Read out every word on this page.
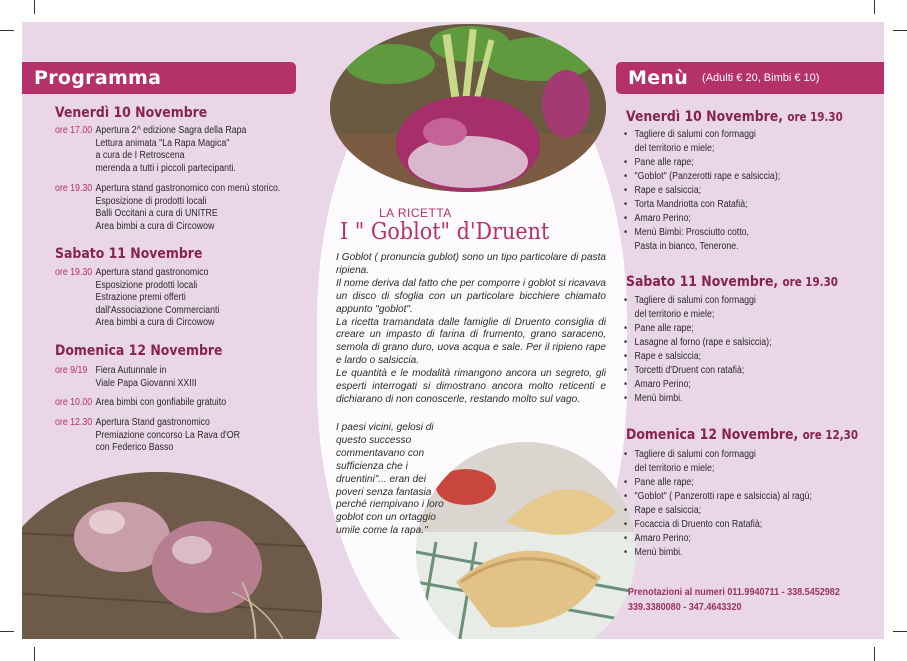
Programma
Venerdì 10 Novembre
ore 17.00 Apertura 2^ edizione Sagra della Rapa
Lettura animata "La Rapa Magica"
a cura de I Retroscena
merenda a tutti i piccoli partecipanti.
ore 19.30 Apertura stand gastronomico con menù storico.
Esposizione di prodotti locali
Balli Occitani a cura di UNITRE
Area bimbi a cura di Circowow
Sabato 11 Novembre
ore 19.30 Apertura stand gastronomico
Esposizione prodotti locali
Estrazione premi offerti
dall'Associazione Commercianti
Area bimbi a cura di Circowow
Domenica 12 Novembre
ore 9/19 Fiera Autunnale in
Viale Papa Giovanni XXIII
ore 10.00 Area bimbi con gonfiabile gratuito
ore 12.30 Apertura Stand gastronomico
Premiazione concorso La Rava d'OR
con Federico Basso
LA RICETTA
I " Goblot" d'Druent

I Goblot ( pronuncia gublot) sono un tipo particolare di pasta ripiena.

Il nome deriva dal fatto che per comporre i goblot si ricavava un disco di sfoglia con un particolare bicchiere chiamato appunto "goblot".

La ricetta tramandata dalle famiglie di Druento consiglia di creare un impasto di farina di frumento, grano saraceno, semola di grano duro, uova acqua e sale. Per il ripieno rape e lardo o salsiccia.

Le quantità e le modalità rimangono ancora un segreto, gli esperti interrogati si dimostrano ancora molto reticenti e dichiarano di non conoscerle, restando molto sul vago.

I paesi vicini, gelosi di questo successo commentavano con sufficienza che i druentini"... eran dei poveri senza fantasia perché riempivano i loro goblot con un ortaggio umile come la rapa."
Menù (Adulti € 20, Bimbi € 10)
Venerdì 10 Novembre, ore 19.30
• Tagliere di salumi con formaggi
del territorio e miele;
• Pane alle rape;
• "Goblot" (Panzerotti rape e salsiccia);
• Rape e salsiccia;
• Torta Mandriotta con Ratafià;
• Amaro Perino;
• Menù Bimbi: Prosciutto cotto,
Pasta in bianco, Tenerone.
Sabato 11 Novembre, ore 19.30
• Tagliere di salumi con formaggi
del territorio e miele;
• Pane alle rape;
• Lasagne al forno (rape e salsiccia);
• Rape e salsiccia;
• Torcetti d'Druent con ratafià;
• Amaro Perino;
• Menù bimbi.
Domenica 12 Novembre, ore 12,30
• Tagliere di salumi con formaggi
del territorio e miele;
• Pane alle rape;
• "Goblot" ( Panzerotti rape e salsiccia) al ragù;
• Rape e salsiccia;
• Focaccia di Druento con Ratafià;
• Amaro Perino;
• Menù bimbi.
Prenotazioni al numeri 011.9940711 - 338.5452982
339.3380080 - 347.4643320
